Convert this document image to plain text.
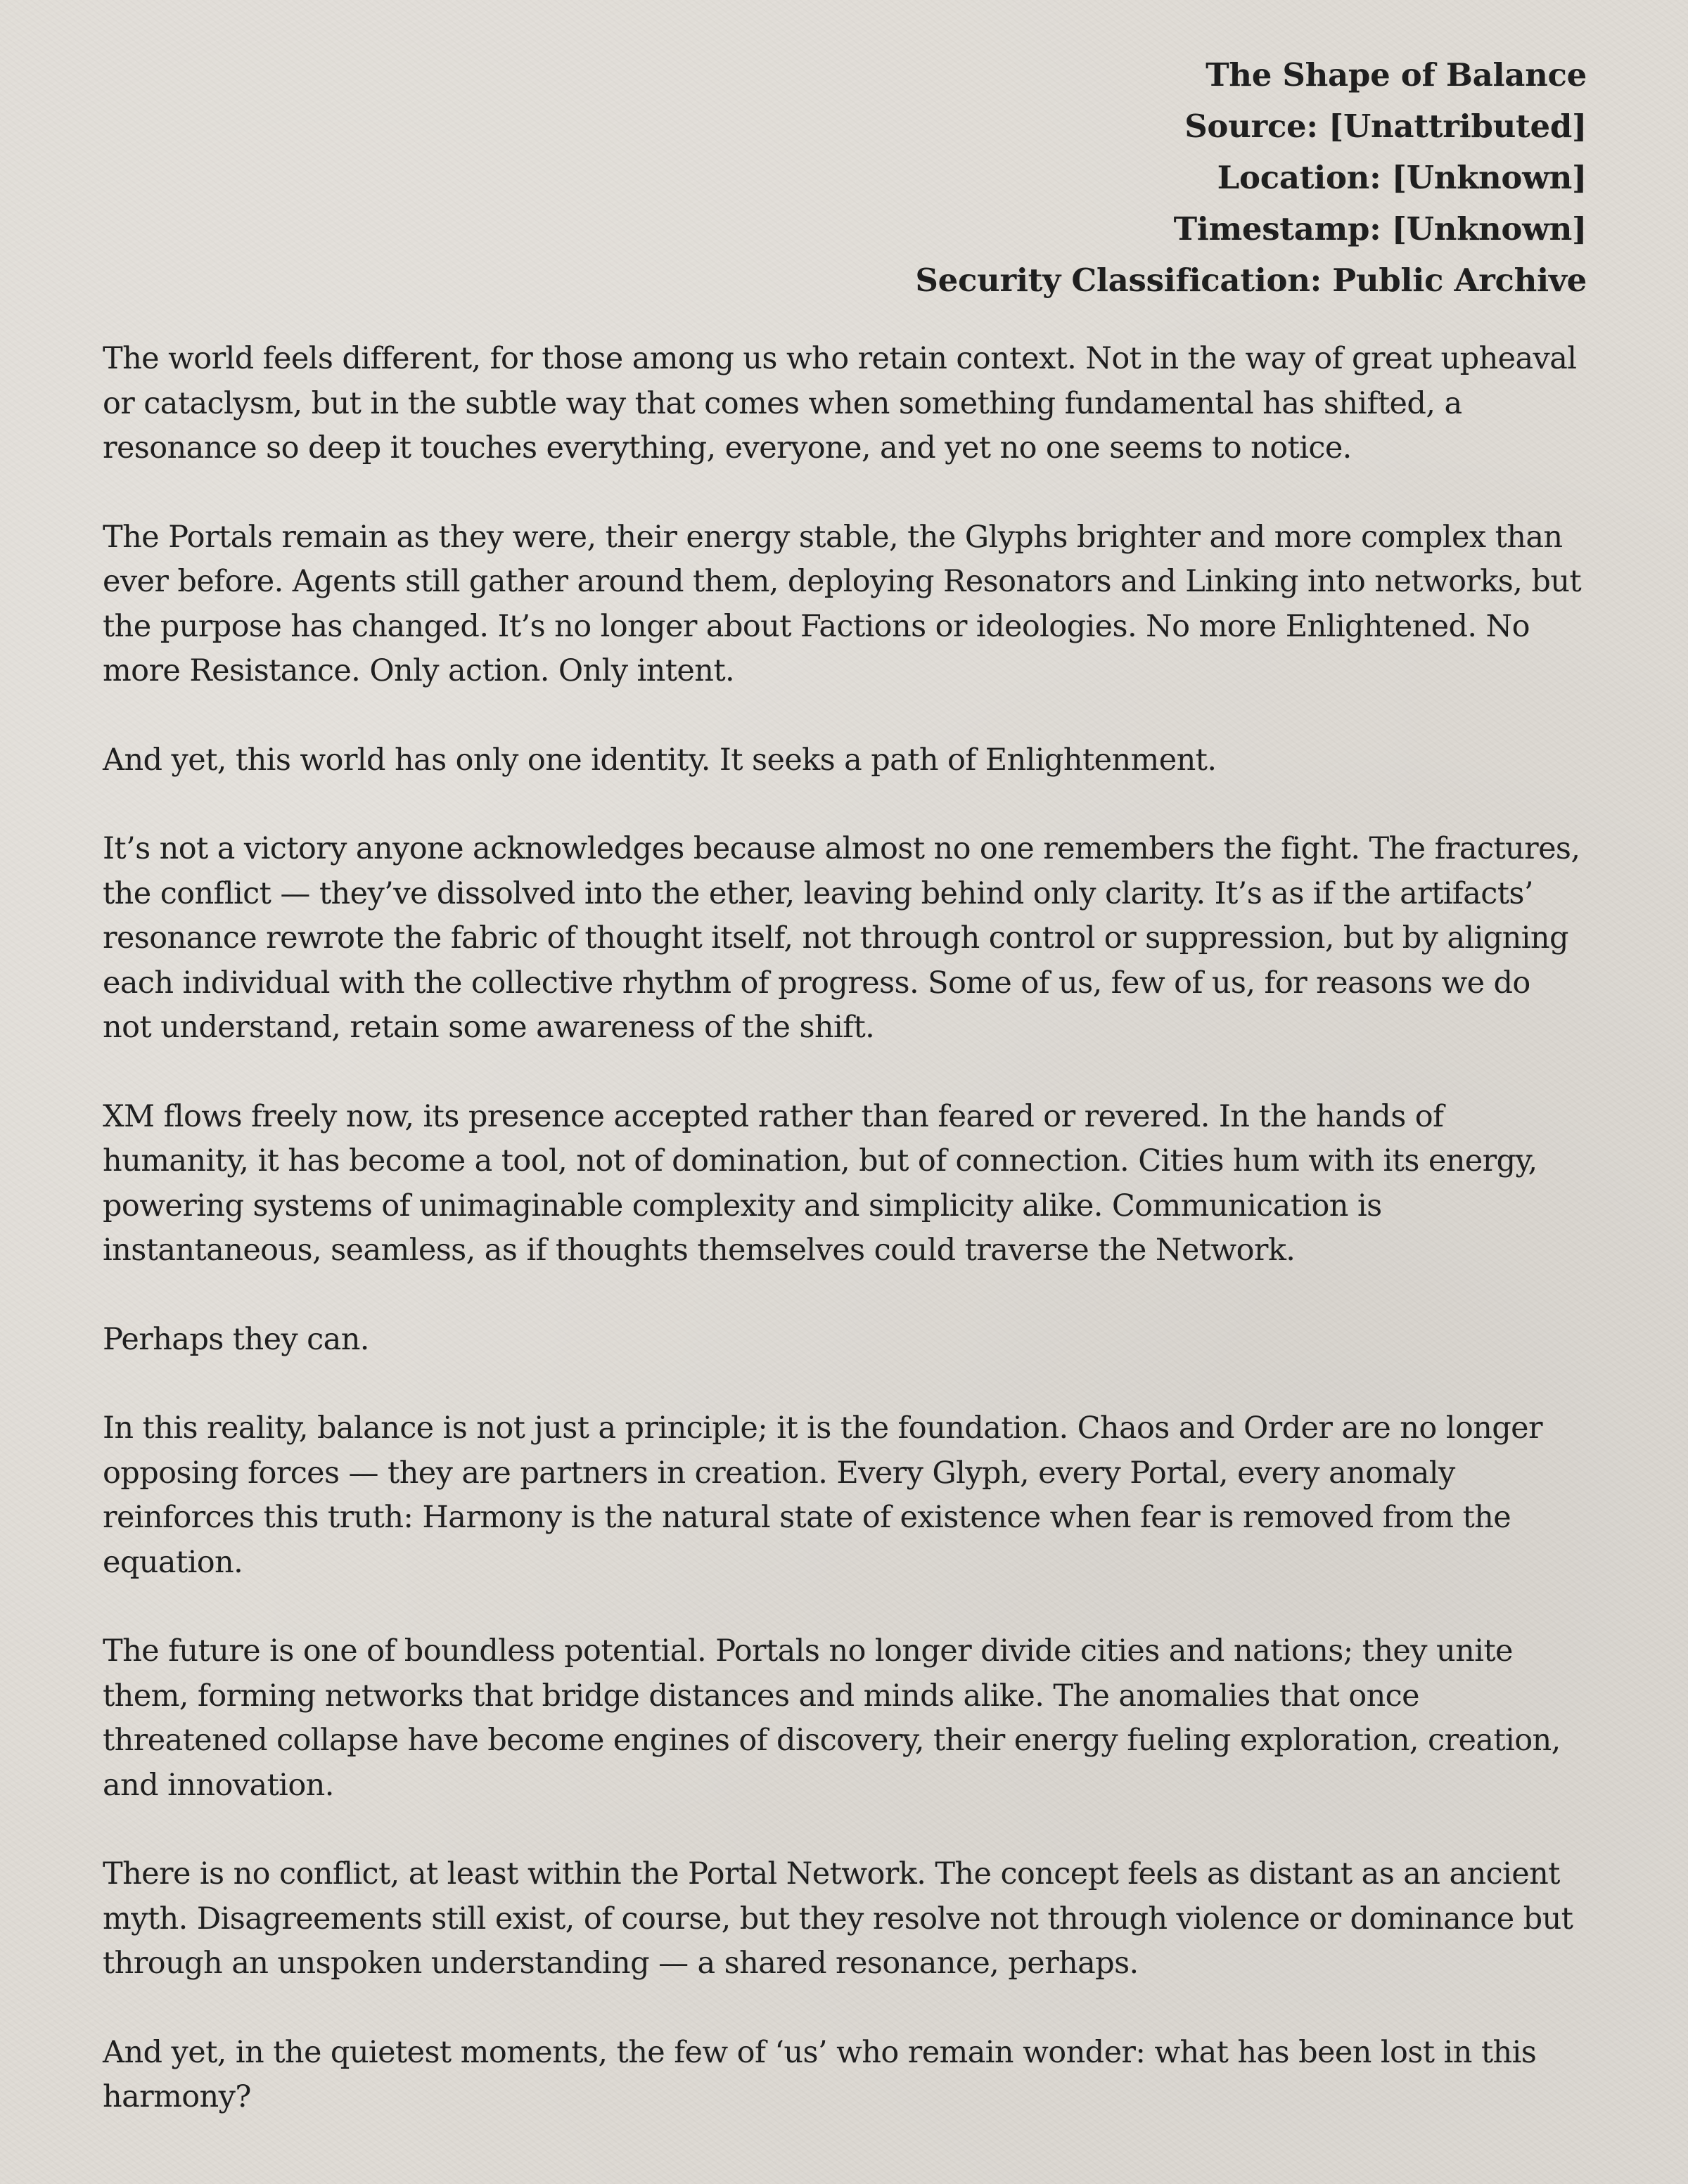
The Shape of Balance
Source: [Unattributed]
Location: [Unknown]
Timestamp: [Unknown]
Security Classification: Public Archive

The world feels different, for those among us who retain context. Not in the way of great upheaval or cataclysm, but in the subtle way that comes when something fundamental has shifted, a resonance so deep it touches everything, everyone, and yet no one seems to notice.

The Portals remain as they were, their energy stable, the Glyphs brighter and more complex than ever before. Agents still gather around them, deploying Resonators and Linking into networks, but the purpose has changed. It’s no longer about Factions or ideologies. No more Enlightened. No more Resistance. Only action. Only intent.

And yet, this world has only one identity. It seeks a path of Enlightenment.

It’s not a victory anyone acknowledges because almost no one remembers the fight. The fractures, the conflict — they’ve dissolved into the ether, leaving behind only clarity. It’s as if the artifacts’ resonance rewrote the fabric of thought itself, not through control or suppression, but by aligning each individual with the collective rhythm of progress. Some of us, few of us, for reasons we do not understand, retain some awareness of the shift.

XM flows freely now, its presence accepted rather than feared or revered. In the hands of humanity, it has become a tool, not of domination, but of connection. Cities hum with its energy, powering systems of unimaginable complexity and simplicity alike. Communication is instantaneous, seamless, as if thoughts themselves could traverse the Network.

Perhaps they can.

In this reality, balance is not just a principle; it is the foundation. Chaos and Order are no longer opposing forces — they are partners in creation. Every Glyph, every Portal, every anomaly reinforces this truth: Harmony is the natural state of existence when fear is removed from the equation.

The future is one of boundless potential. Portals no longer divide cities and nations; they unite them, forming networks that bridge distances and minds alike. The anomalies that once threatened collapse have become engines of discovery, their energy fueling exploration, creation, and innovation.

There is no conflict, at least within the Portal Network. The concept feels as distant as an ancient myth. Disagreements still exist, of course, but they resolve not through violence or dominance but through an unspoken understanding — a shared resonance, perhaps.

And yet, in the quietest moments, the few of ‘us’ who remain wonder: what has been lost in this harmony?
